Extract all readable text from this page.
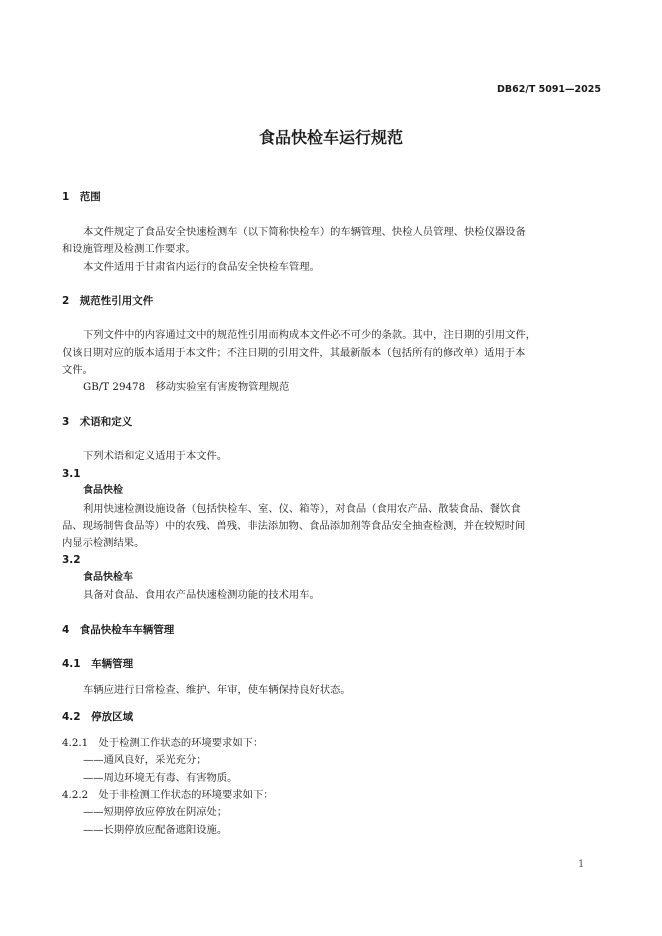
DB62/T 5091—2025
食品快检车运行规范
1　范围
本文件规定了食品安全快速检测车（以下简称快检车）的车辆管理、快检人员管理、快检仪器设备
和设施管理及检测工作要求。
本文件适用于甘肃省内运行的食品安全快检车管理。
2　规范性引用文件
下列文件中的内容通过文中的规范性引用而构成本文件必不可少的条款。其中，注日期的引用文件，
仅该日期对应的版本适用于本文件；不注日期的引用文件，其最新版本（包括所有的修改单）适用于本
文件。
GB/T 29478　移动实验室有害废物管理规范
3　术语和定义
下列术语和定义适用于本文件。
3.1
食品快检
利用快速检测设施设备（包括快检车、室、仪、箱等），对食品（食用农产品、散装食品、餐饮食
品、现场制售食品等）中的农残、兽残、非法添加物、食品添加剂等食品安全抽查检测，并在较短时间
内显示检测结果。
3.2
食品快检车
具备对食品、食用农产品快速检测功能的技术用车。
4　食品快检车车辆管理
4.1　车辆管理
车辆应进行日常检查、维护、年审，使车辆保持良好状态。
4.2　停放区域
4.2.1　处于检测工作状态的环境要求如下：
——通风良好，采光充分；
——周边环境无有毒、有害物质。
4.2.2　处于非检测工作状态的环境要求如下：
——短期停放应停放在阴凉处；
——长期停放应配备遮阳设施。
1
